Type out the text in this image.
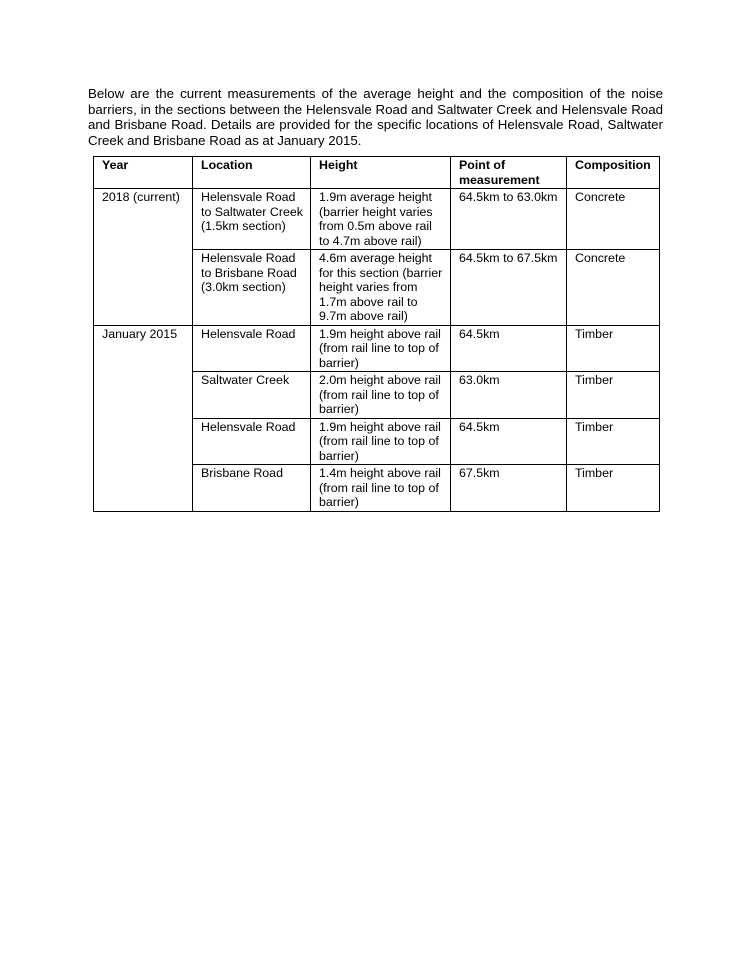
Below are the current measurements of the average height and the composition of the noise barriers, in the sections between the Helensvale Road and Saltwater Creek and Helensvale Road and Brisbane Road. Details are provided for the specific locations of Helensvale Road, Saltwater Creek and Brisbane Road as at January 2015.

Year	Location	Height	Point of measurement	Composition
2018 (current)	Helensvale Road to Saltwater Creek (1.5km section)	1.9m average height (barrier height varies from 0.5m above rail to 4.7m above rail)	64.5km to 63.0km	Concrete
	Helensvale Road to Brisbane Road (3.0km section)	4.6m average height for this section (barrier height varies from 1.7m above rail to 9.7m above rail)	64.5km to 67.5km	Concrete
January 2015	Helensvale Road	1.9m height above rail (from rail line to top of barrier)	64.5km	Timber
	Saltwater Creek	2.0m height above rail (from rail line to top of barrier)	63.0km	Timber
	Helensvale Road	1.9m height above rail (from rail line to top of barrier)	64.5km	Timber
	Brisbane Road	1.4m height above rail (from rail line to top of barrier)	67.5km	Timber
